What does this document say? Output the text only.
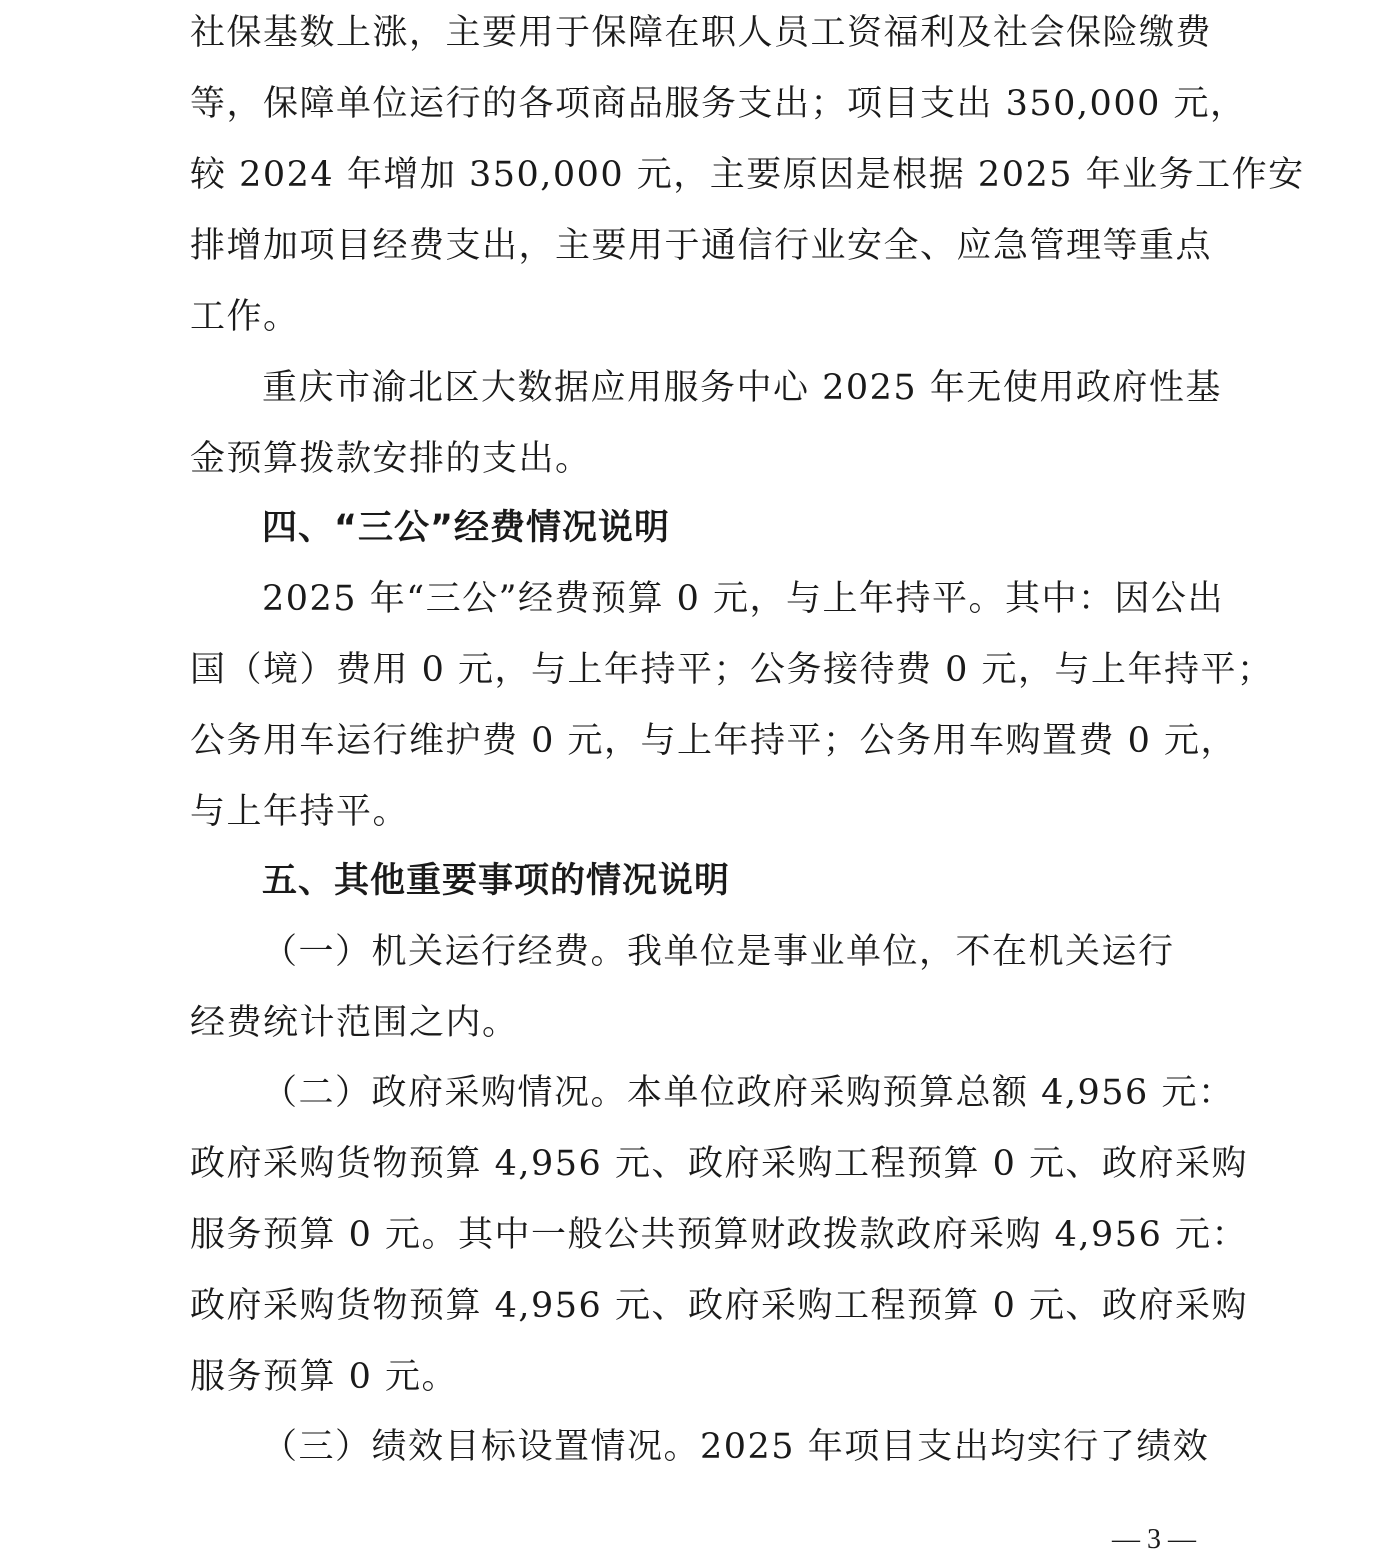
社保基数上涨，主要用于保障在职人员工资福利及社会保险缴费
等，保障单位运行的各项商品服务支出；项目支出 350,000 元，
较 2024 年增加 350,000 元，主要原因是根据 2025 年业务工作安
排增加项目经费支出，主要用于通信行业安全、应急管理等重点
工作。
重庆市渝北区大数据应用服务中心 2025 年无使用政府性基
金预算拨款安排的支出。
四、“三公”经费情况说明
2025 年“三公”经费预算 0 元，与上年持平。其中：因公出
国（境）费用 0 元，与上年持平；公务接待费 0 元，与上年持平；
公务用车运行维护费 0 元，与上年持平；公务用车购置费 0 元，
与上年持平。
五、其他重要事项的情况说明
（一）机关运行经费。我单位是事业单位，不在机关运行
经费统计范围之内。
（二）政府采购情况。本单位政府采购预算总额 4,956 元：
政府采购货物预算 4,956 元、政府采购工程预算 0 元、政府采购
服务预算 0 元。其中一般公共预算财政拨款政府采购 4,956 元：
政府采购货物预算 4,956 元、政府采购工程预算 0 元、政府采购
服务预算 0 元。
（三）绩效目标设置情况。2025 年项目支出均实行了绩效
— 3 —
